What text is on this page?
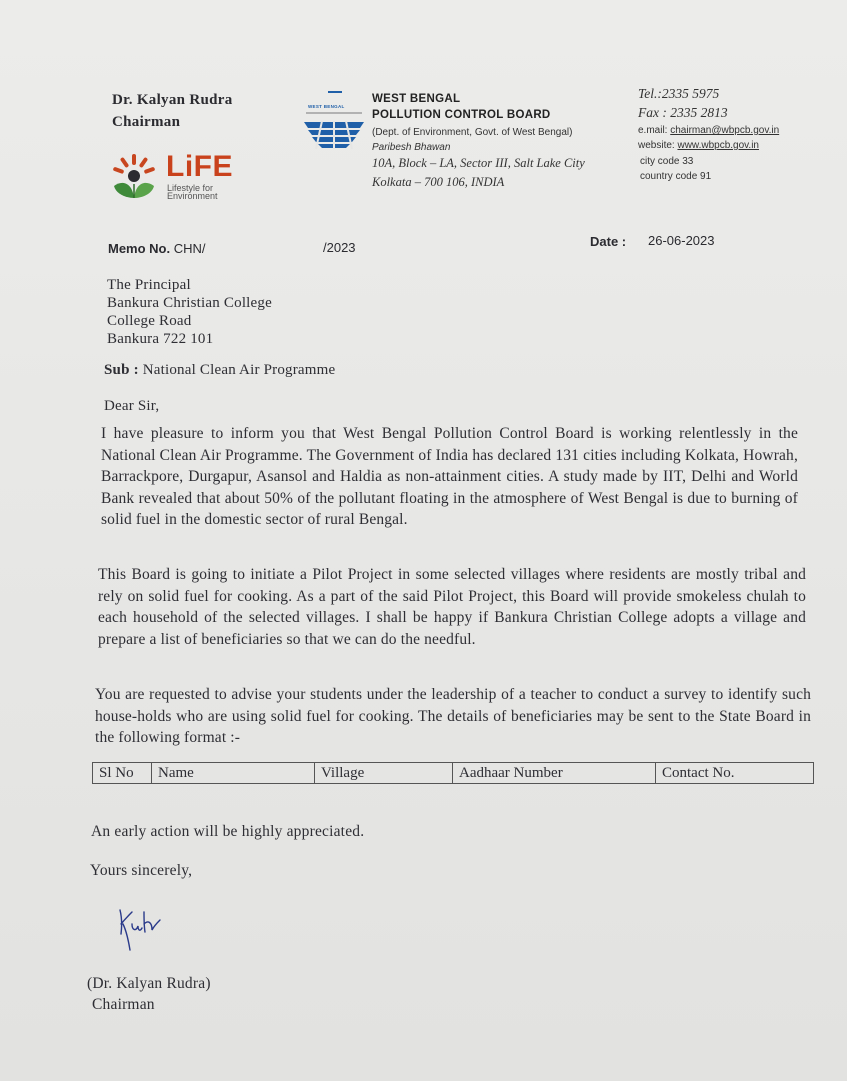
Dr. Kalyan Rudra
Chairman
LiFE
Lifestyle for
Environment
WEST BENGAL
WEST BENGAL
POLLUTION CONTROL BOARD
(Dept. of Environment, Govt. of West Bengal)
Paribesh Bhawan
10A, Block – LA, Sector III, Salt Lake City
Kolkata – 700 106, INDIA
Tel.:2335 5975
Fax : 2335 2813
e.mail: chairman@wbpcb.gov.in
website: www.wbpcb.gov.in
city code 33
country code 91
Memo No. CHN/	/2023	Date : 26-06-2023
The Principal
Bankura Christian College
College Road
Bankura 722 101
Sub : National Clean Air Programme
Dear Sir,
I have pleasure to inform you that West Bengal Pollution Control Board is working relentlessly in the National Clean Air Programme. The Government of India has declared 131 cities including Kolkata, Howrah, Barrackpore, Durgapur, Asansol and Haldia as non-attainment cities. A study made by IIT, Delhi and World Bank revealed that about 50% of the pollutant floating in the atmosphere of West Bengal is due to burning of solid fuel in the domestic sector of rural Bengal.
This Board is going to initiate a Pilot Project in some selected villages where residents are mostly tribal and rely on solid fuel for cooking. As a part of the said Pilot Project, this Board will provide smokeless chulah to each household of the selected villages. I shall be happy if Bankura Christian College adopts a village and prepare a list of beneficiaries so that we can do the needful.
You are requested to advise your students under the leadership of a teacher to conduct a survey to identify such house-holds who are using solid fuel for cooking. The details of beneficiaries may be sent to the State Board in the following format :-
Sl No	Name	Village	Aadhaar Number	Contact No.
An early action will be highly appreciated.
Yours sincerely,
(Dr. Kalyan Rudra)
Chairman
